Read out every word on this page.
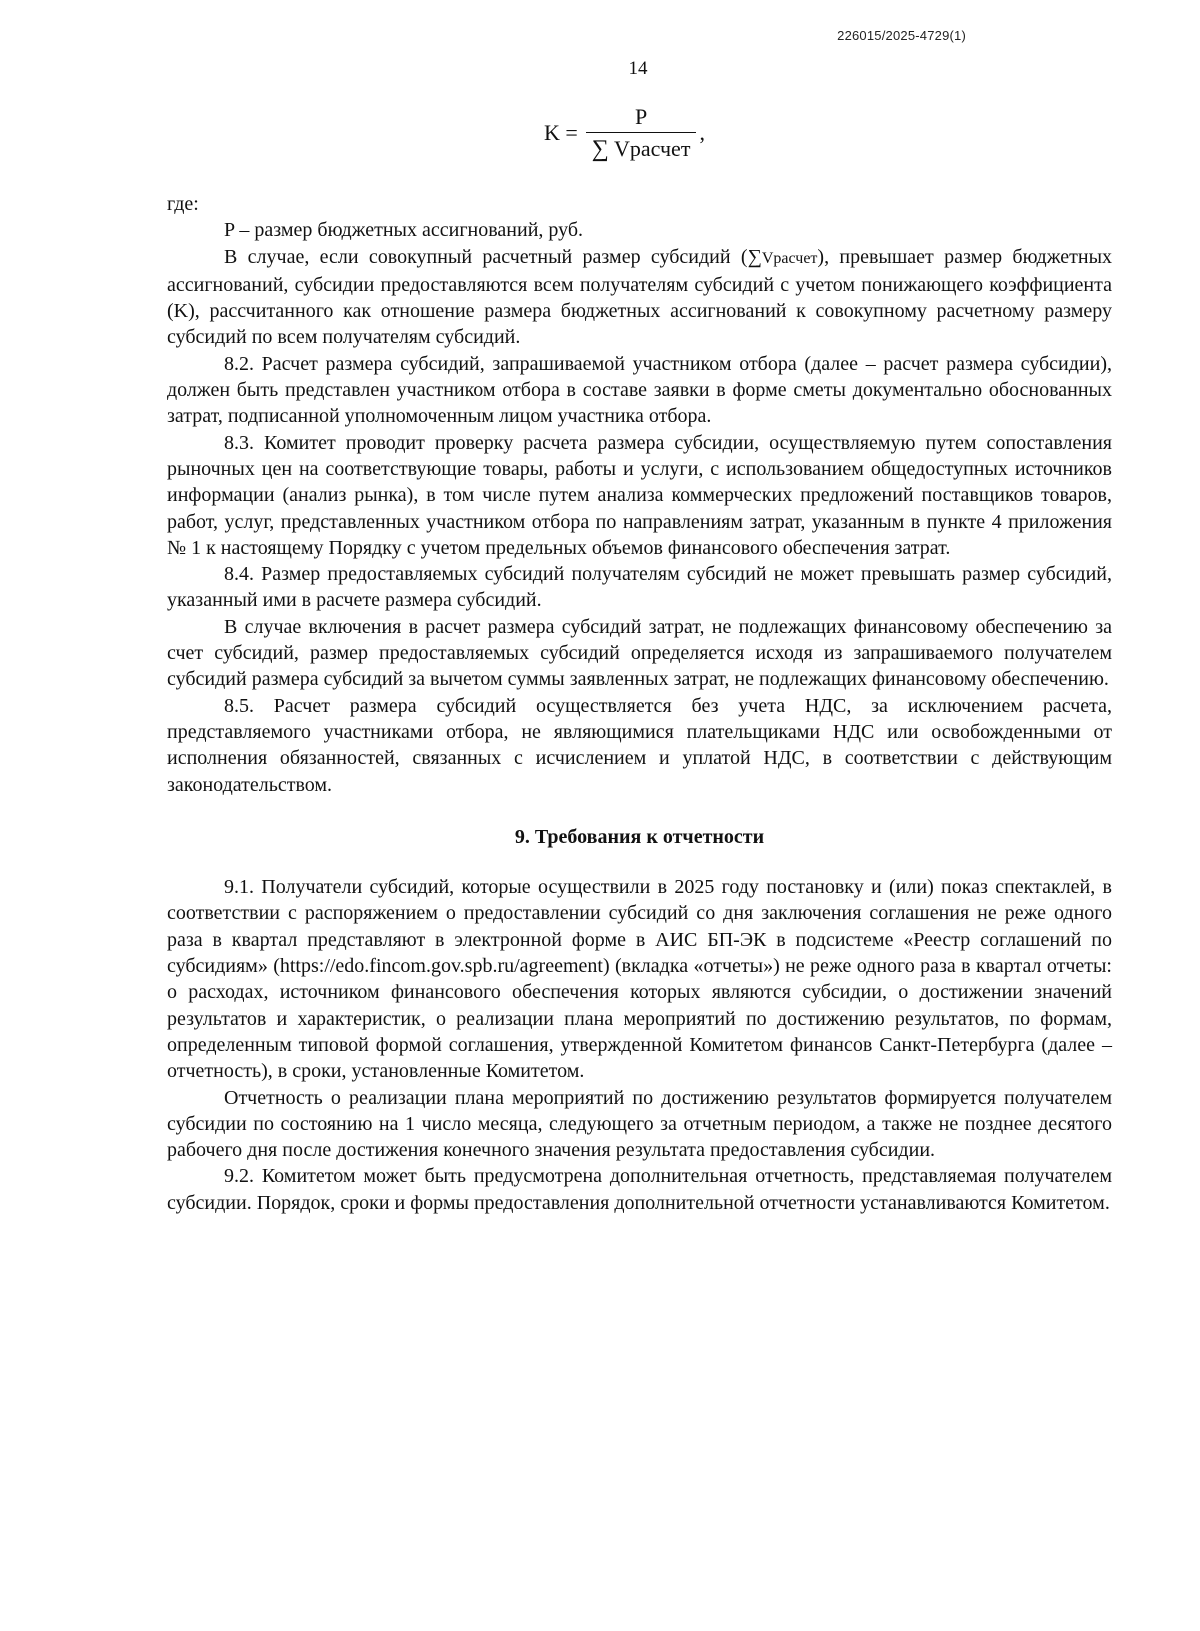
226015/2025-4729(1)
14
$K = \frac{P}{\text{∑ Vрасчет}}$ ,

где:

P – размер бюджетных ассигнований, руб.

В случае, если совокупный расчетный размер субсидий (∑Vрасчет), превышает размер бюджетных ассигнований, субсидии предоставляются всем получателям субсидий с учетом понижающего коэффициента (K), рассчитанного как отношение размера бюджетных ассигнований к совокупному расчетному размеру субсидий по всем получателям субсидий.

8.2. Расчет размера субсидий, запрашиваемой участником отбора (далее – расчет размера субсидии), должен быть представлен участником отбора в составе заявки в форме сметы документально обоснованных затрат, подписанной уполномоченным лицом участника отбора.

8.3. Комитет проводит проверку расчета размера субсидии, осуществляемую путем сопоставления рыночных цен на соответствующие товары, работы и услуги, с использованием общедоступных источников информации (анализ рынка), в том числе путем анализа коммерческих предложений поставщиков товаров, работ, услуг, представленных участником отбора по направлениям затрат, указанным в пункте 4 приложения № 1 к настоящему Порядку с учетом предельных объемов финансового обеспечения затрат.

8.4. Размер предоставляемых субсидий получателям субсидий не может превышать размер субсидий, указанный ими в расчете размера субсидий.

В случае включения в расчет размера субсидий затрат, не подлежащих финансовому обеспечению за счет субсидий, размер предоставляемых субсидий определяется исходя из запрашиваемого получателем субсидий размера субсидий за вычетом суммы заявленных затрат, не подлежащих финансовому обеспечению.

8.5. Расчет размера субсидий осуществляется без учета НДС, за исключением расчета, представляемого участниками отбора, не являющимися плательщиками НДС или освобожденными от исполнения обязанностей, связанных с исчислением и уплатой НДС, в соответствии с действующим законодательством.

9. Требования к отчетности

9.1. Получатели субсидий, которые осуществили в 2025 году постановку и (или) показ спектаклей, в соответствии с распоряжением о предоставлении субсидий со дня заключения соглашения не реже одного раза в квартал представляют в электронной форме в АИС БП-ЭК в подсистеме «Реестр соглашений по субсидиям» (https://edo.fincom.gov.spb.ru/agreement) (вкладка «отчеты») не реже одного раза в квартал отчеты: о расходах, источником финансового обеспечения которых являются субсидии, о достижении значений результатов и характеристик, о реализации плана мероприятий по достижению результатов, по формам, определенным типовой формой соглашения, утвержденной Комитетом финансов Санкт-Петербурга (далее – отчетность), в сроки, установленные Комитетом.

Отчетность о реализации плана мероприятий по достижению результатов формируется получателем субсидии по состоянию на 1 число месяца, следующего за отчетным периодом, а также не позднее десятого рабочего дня после достижения конечного значения результата предоставления субсидии.

9.2. Комитетом может быть предусмотрена дополнительная отчетность, представляемая получателем субсидии. Порядок, сроки и формы предоставления дополнительной отчетности устанавливаются Комитетом.
